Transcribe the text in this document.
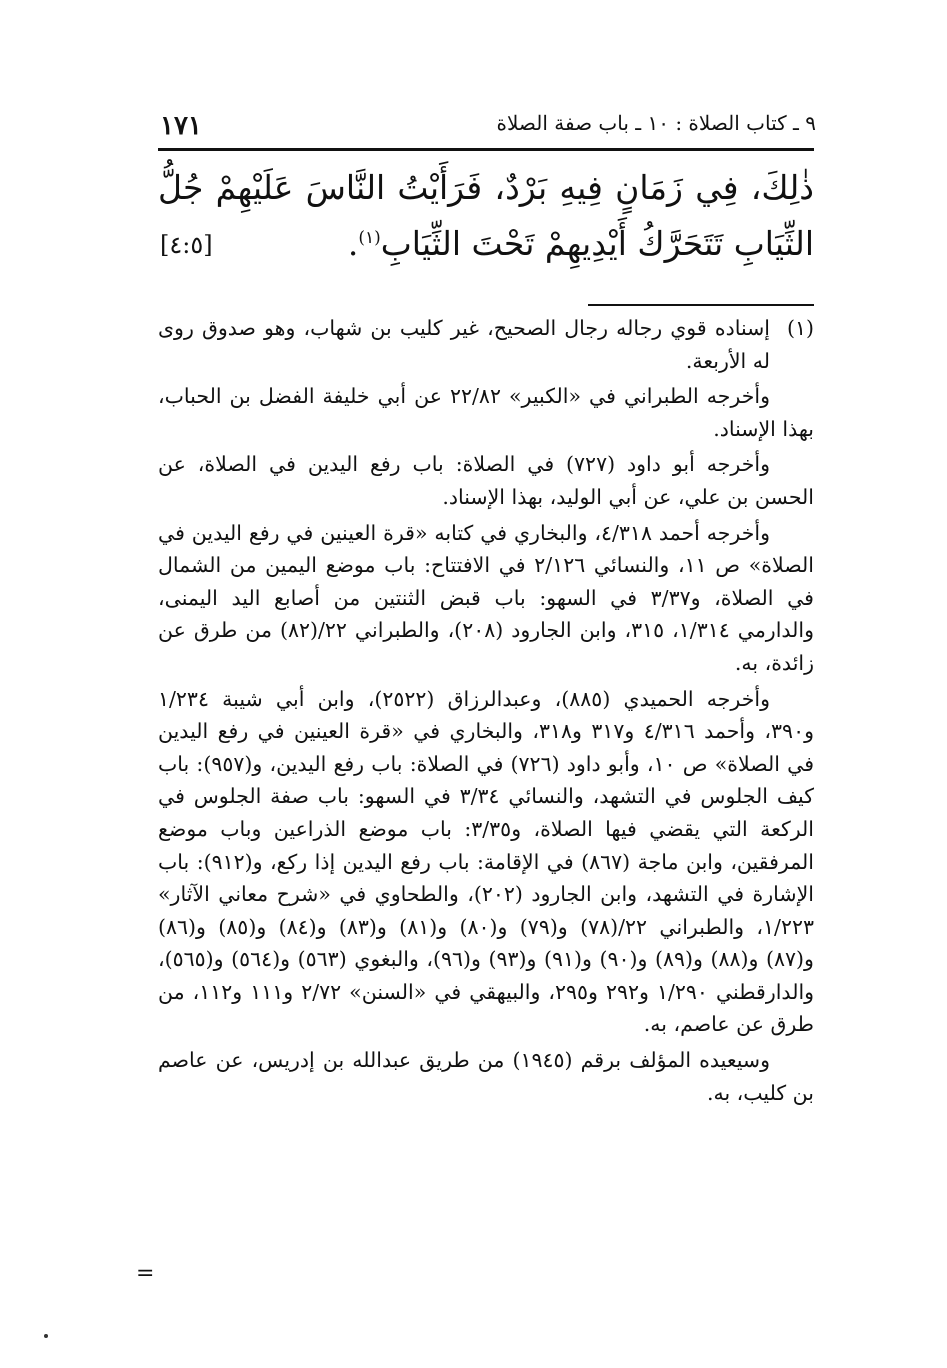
٩ ـ كتاب الصلاة : ١٠ ـ باب صفة الصلاة
١٧١
ذٰلِكَ، فِي زَمَانٍ فِيهِ بَرْدٌ، فَرَأَيْتُ النَّاسَ عَلَيْهِمْ جُلُّ الثِّيَابِ تَتَحَرَّكُ أَيْدِيهِمْ تَحْتَ الثِّيَابِ$^{(١)}$.
[٤:٥]

(١)
إسناده قوي رجاله رجال الصحيح، غير كليب بن شهاب، وهو صدوق روى له الأربعة.

وأخرجه الطبراني في «الكبير» ٢٢/٨٢ عن أبي خليفة الفضل بن الحباب، بهذا الإسناد.

وأخرجه أبو داود (٧٢٧) في الصلاة: باب رفع اليدين في الصلاة، عن الحسن بن علي، عن أبي الوليد، بهذا الإسناد.

وأخرجه أحمد ٤/٣١٨، والبخاري في كتابه «قرة العينين في رفع اليدين في الصلاة» ص ١١، والنسائي ٢/١٢٦ في الافتتاح: باب موضع اليمين من الشمال في الصلاة، و٣/٣٧ في السهو: باب قبض الثنتين من أصابع اليد اليمنى، والدارمي ١/٣١٤، ٣١٥، وابن الجارود (٢٠٨)، والطبراني ٢٢/(٨٢) من طرق عن زائدة، به.

وأخرجه الحميدي (٨٨٥)، وعبدالرزاق (٢٥٢٢)، وابن أبي شيبة ١/٢٣٤ و٣٩٠، وأحمد ٤/٣١٦ و٣١٧ و٣١٨، والبخاري في «قرة العينين في رفع اليدين في الصلاة» ص ١٠، وأبو داود (٧٢٦) في الصلاة: باب رفع اليدين، و(٩٥٧): باب كيف الجلوس في التشهد، والنسائي ٣/٣٤ في السهو: باب صفة الجلوس في الركعة التي يقضي فيها الصلاة، و٣/٣٥: باب موضع الذراعين وباب موضع المرفقين، وابن ماجة (٨٦٧) في الإقامة: باب رفع اليدين إذا ركع، و(٩١٢): باب الإشارة في التشهد، وابن الجارود (٢٠٢)، والطحاوي في «شرح معاني الآثار» ١/٢٢٣، والطبراني ٢٢/(٧٨) و(٧٩) و(٨٠) و(٨١) و(٨٣) و(٨٤) و(٨٥) و(٨٦) و(٨٧) و(٨٨) و(٨٩) و(٩٠) و(٩١) و(٩٣) و(٩٦)، والبغوي (٥٦٣) و(٥٦٤) و(٥٦٥)، والدارقطني ١/٢٩٠ و٢٩٢ و٢٩٥، والبيهقي في «السنن» ٢/٧٢ و١١١ و١١٢، من طرق عن عاصم، به.

وسيعيده المؤلف برقم (١٩٤٥) من طريق عبدالله بن إدريس، عن عاصم بن كليب، به.

=
